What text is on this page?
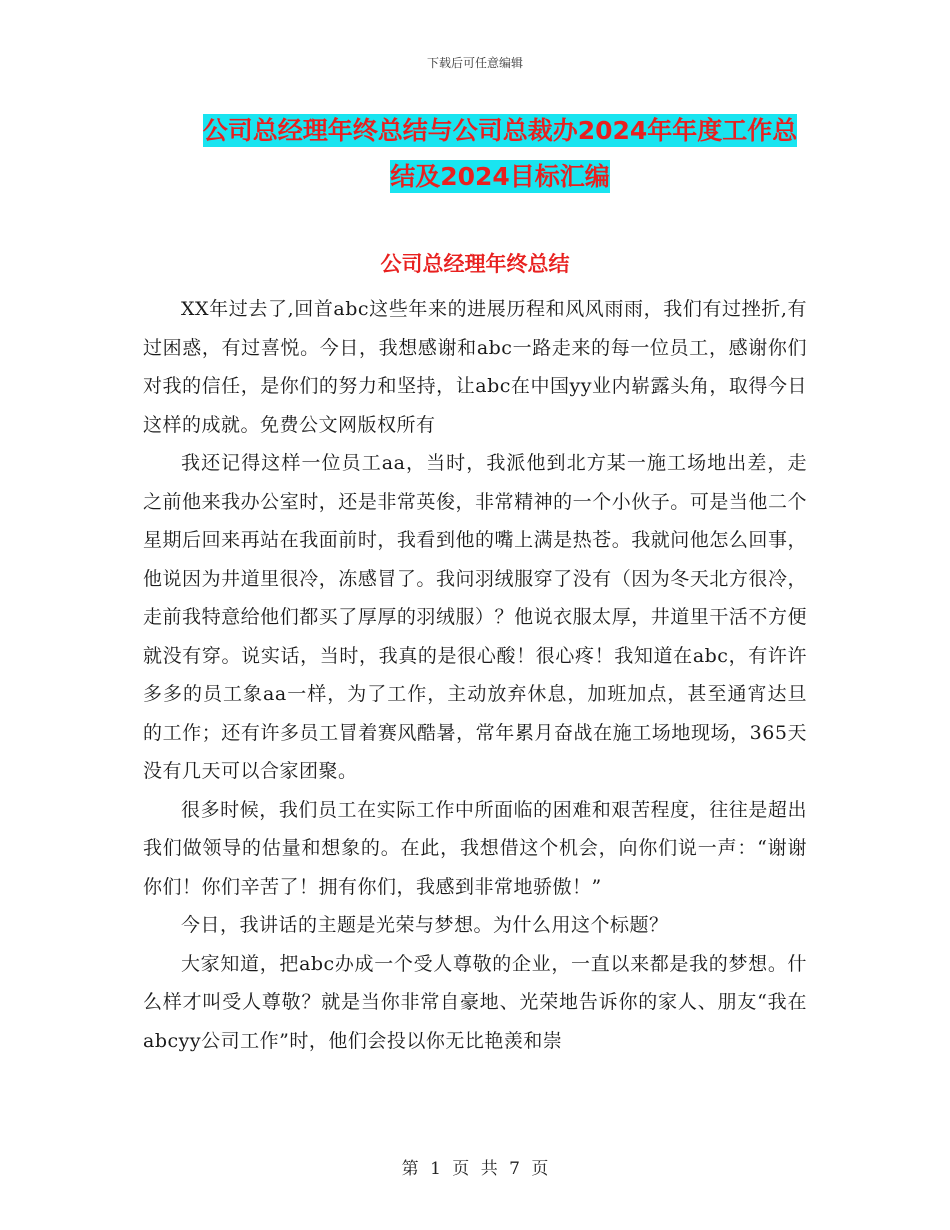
下载后可任意编辑
公司总经理年终总结与公司总裁办2024年年度工作总
结及2024目标汇编
公司总经理年终总结

XX年过去了,回首abc这些年来的进展历程和风风雨雨，我们有过挫折,有过困惑，有过喜悦。今日，我想感谢和abc一路走来的每一位员工，感谢你们对我的信任，是你们的努力和坚持，让abc在中国yy业内崭露头角，取得今日这样的成就。免费公文网版权所有

我还记得这样一位员工aa，当时，我派他到北方某一施工场地出差，走之前他来我办公室时，还是非常英俊，非常精神的一个小伙子。可是当他二个星期后回来再站在我面前时，我看到他的嘴上满是热苍。我就问他怎么回事，他说因为井道里很冷，冻感冒了。我问羽绒服穿了没有（因为冬天北方很冷，走前我特意给他们都买了厚厚的羽绒服）？他说衣服太厚，井道里干活不方便就没有穿。说实话，当时，我真的是很心酸！很心疼！我知道在abc，有许许多多的员工象aa一样，为了工作，主动放弃休息，加班加点，甚至通宵达旦的工作；还有许多员工冒着赛风酷暑，常年累月奋战在施工场地现场，365天没有几天可以合家团聚。

很多时候，我们员工在实际工作中所面临的困难和艰苦程度，往往是超出我们做领导的估量和想象的。在此，我想借这个机会，向你们说一声：“谢谢你们！你们辛苦了！拥有你们，我感到非常地骄傲！”

今日，我讲话的主题是光荣与梦想。为什么用这个标题？

大家知道，把abc办成一个受人尊敬的企业，一直以来都是我的梦想。什么样才叫受人尊敬？就是当你非常自豪地、光荣地告诉你的家人、朋友“我在abcyy公司工作”时，他们会投以你无比艳羡和崇

第 1 页 共 7 页
